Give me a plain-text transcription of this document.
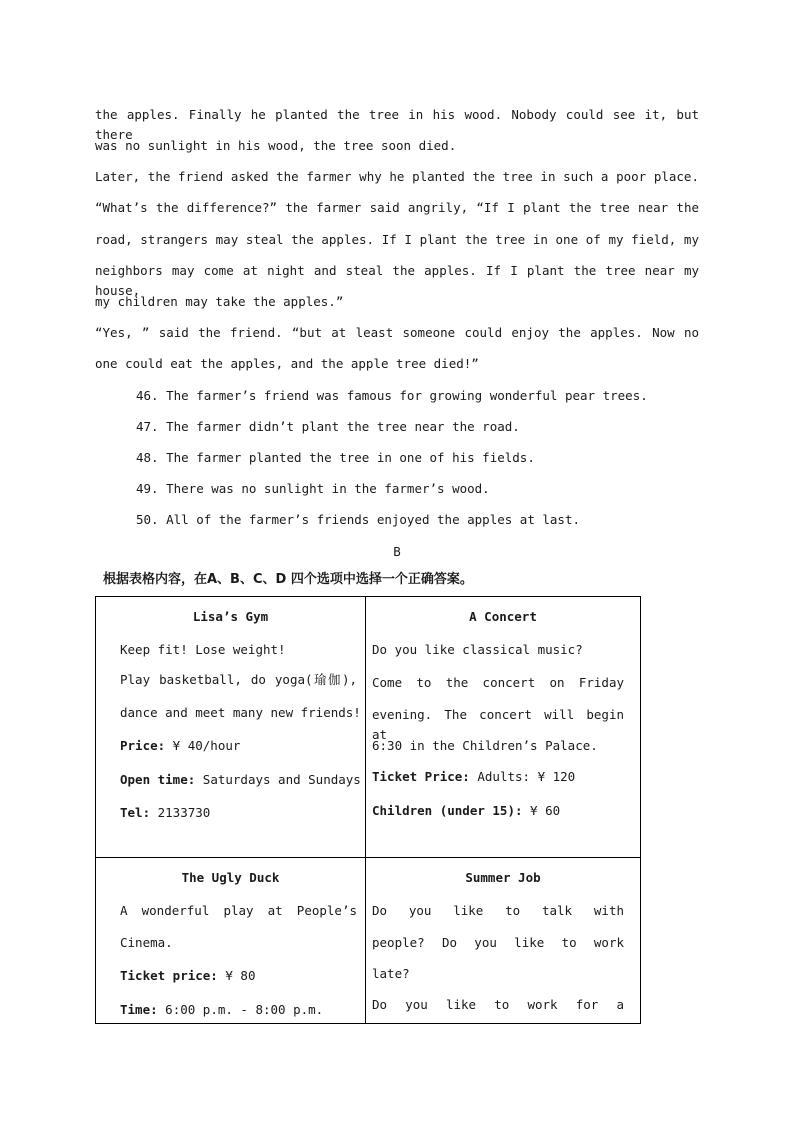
the apples. Finally he planted the tree in his wood. Nobody could see it, but there
was no sunlight in his wood, the tree soon died.
Later, the friend asked the farmer why he planted the tree in such a poor place.
“What’s the difference?” the farmer said angrily, “If I plant the tree near the
road, strangers may steal the apples. If I plant the tree in one of my field, my
neighbors may come at night and steal the apples. If I plant the tree near my house,
my children may take the apples.”
“Yes, ” said the friend. “but at least someone could enjoy the apples. Now no
one could eat the apples, and the apple tree died!”
46. The farmer’s friend was famous for growing wonderful pear trees.
47. The farmer didn’t plant the tree near the road.
48. The farmer planted the tree in one of his fields.
49. There was no sunlight in the farmer’s wood.
50. All of the farmer’s friends enjoyed the apples at last.
B
根据表格内容，在A、B、C、D 四个选项中选择一个正确答案。
Lisa’s Gym
Keep fit! Lose weight!
Play basketball, do yoga(瑜伽),
dance and meet many new friends!
Price: ¥ 40/hour
Open time: Saturdays and Sundays
Tel: 2133730
A Concert
Do you like classical music?
Come to the concert on Friday
evening. The concert will begin at
6:30 in the Children’s Palace.
Ticket Price: Adults: ¥ 120
Children (under 15): ¥ 60
The Ugly Duck
A wonderful play at People’s
Cinema.
Ticket price: ¥ 80
Time: 6:00 p.m. - 8:00 p.m.
Summer Job
Do you like to talk with
people? Do you like to work
late?
Do you like to work for a
